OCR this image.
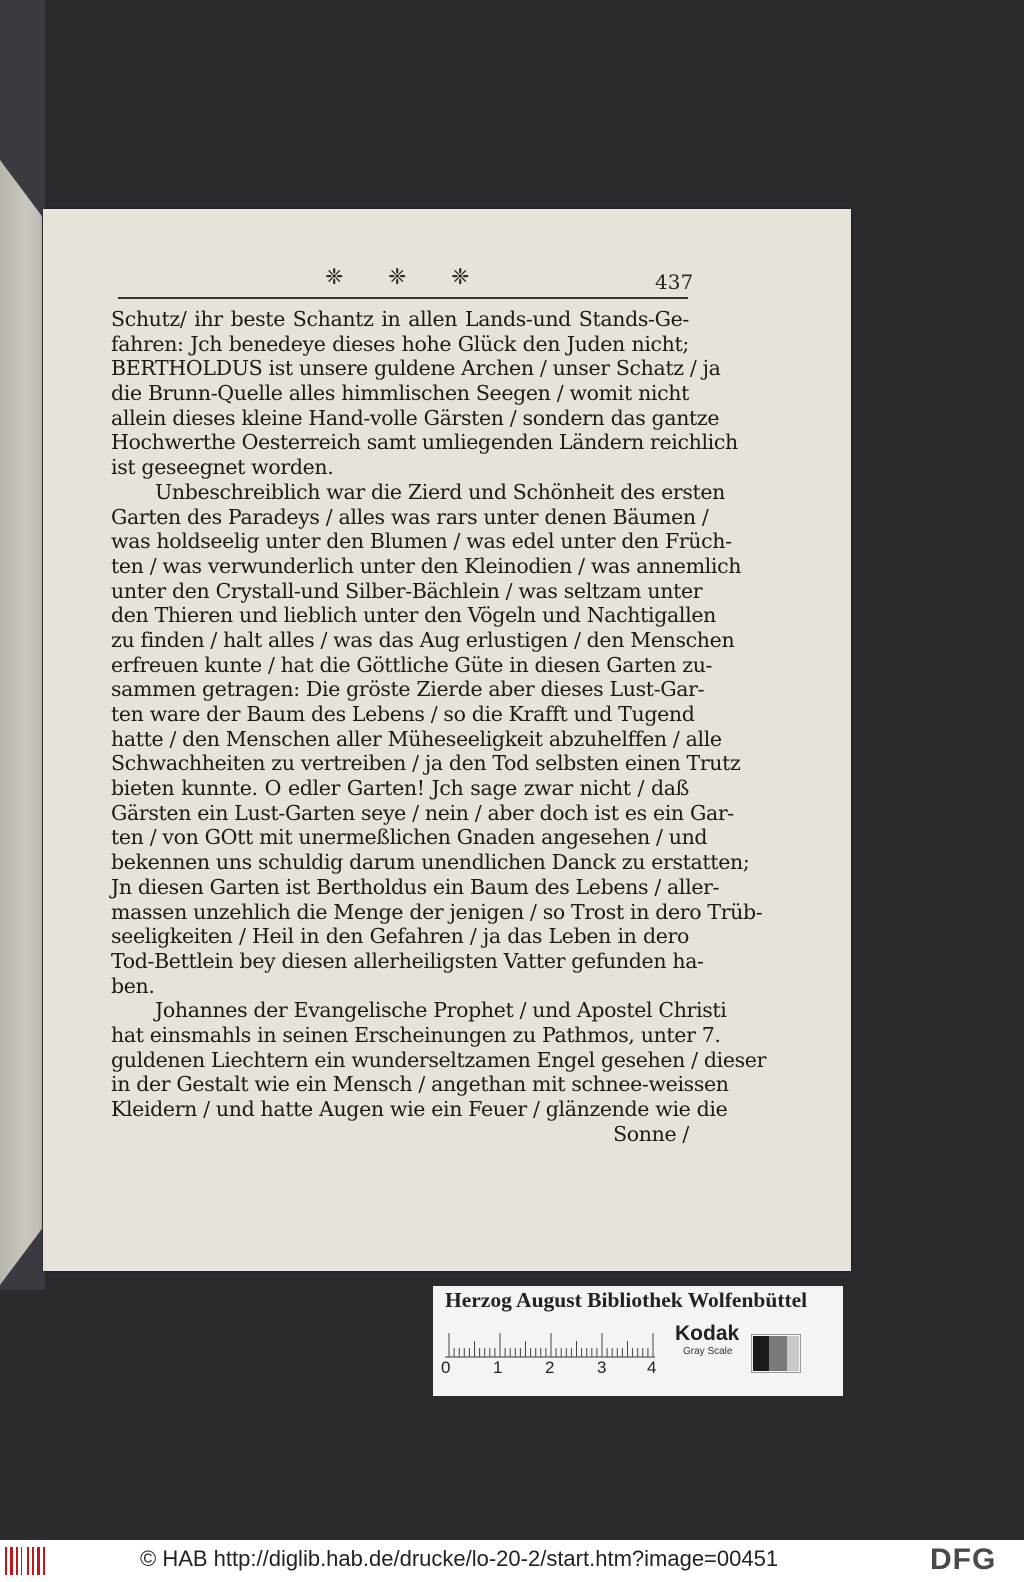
❈ ❈ ❈	437
Schutz/ ihr beste Schantz in allen Lands-und Stands-Ge-
fahren: Jch benedeye dieses hohe Glück den Juden nicht;
BERTHOLDUS ist unsere guldene Archen / unser Schatz / ja
die Brunn-Quelle alles himmlischen Seegen / womit nicht
allein dieses kleine Hand-volle Gärsten / sondern das gantze
Hochwerthe Oesterreich samt umliegenden Ländern reichlich
ist geseegnet worden.
Unbeschreiblich war die Zierd und Schönheit des ersten
Garten des Paradeys / alles was rars unter denen Bäumen /
was holdseelig unter den Blumen / was edel unter den Früch-
ten / was verwunderlich unter den Kleinodien / was annemlich
unter den Crystall-und Silber-Bächlein / was seltzam unter
den Thieren und lieblich unter den Vögeln und Nachtigallen
zu finden / halt alles / was das Aug erlustigen / den Menschen
erfreuen kunte / hat die Göttliche Güte in diesen Garten zu-
sammen getragen: Die gröste Zierde aber dieses Lust-Gar-
ten ware der Baum des Lebens / so die Krafft und Tugend
hatte / den Menschen aller Müheseeligkeit abzuhelffen / alle
Schwachheiten zu vertreiben / ja den Tod selbsten einen Trutz
bieten kunnte. O edler Garten! Jch sage zwar nicht / daß
Gärsten ein Lust-Garten seye / nein / aber doch ist es ein Gar-
ten / von GOtt mit unermeßlichen Gnaden angesehen / und
bekennen uns schuldig darum unendlichen Danck zu erstatten;
Jn diesen Garten ist Bertholdus ein Baum des Lebens / aller-
massen unzehlich die Menge der jenigen / so Trost in dero Trüb-
seeligkeiten / Heil in den Gefahren / ja das Leben in dero
Tod-Bettlein bey diesen allerheiligsten Vatter gefunden ha-
ben.
Johannes der Evangelische Prophet / und Apostel Christi
hat einsmahls in seinen Erscheinungen zu Pathmos, unter 7.
guldenen Liechtern ein wunderseltzamen Engel gesehen / dieser
in der Gestalt wie ein Mensch / angethan mit schnee-weissen
Kleidern / und hatte Augen wie ein Feuer / glänzende wie die
Sonne /
Herzog August Bibliothek Wolfenbüttel
0	1	2	3 4
Kodak
Gray Scale
© HAB http://diglib.hab.de/drucke/lo-20-2/start.htm?image=00451	DFG
